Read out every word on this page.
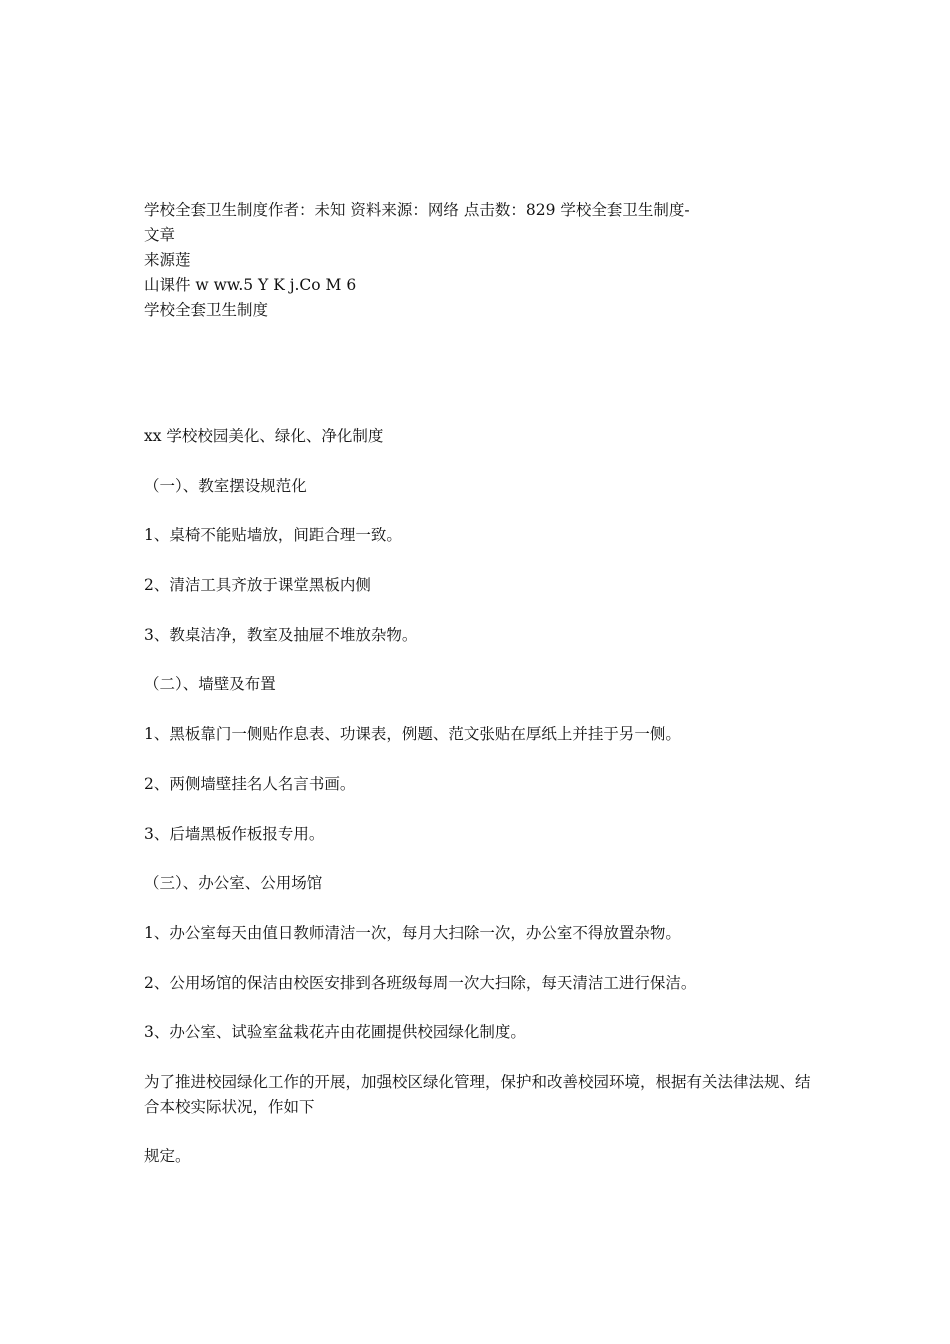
学校全套卫生制度作者：未知 资料来源：网络 点击数：829 学校全套卫生制度-
文章
来源莲
山课件 w ww.5 Y K j.Co M 6
学校全套卫生制度
xx 学校校园美化、绿化、净化制度
（一）、教室摆设规范化
1、桌椅不能贴墙放，间距合理一致。
2、清洁工具齐放于课堂黑板内侧
3、教桌洁净，教室及抽屉不堆放杂物。
（二）、墙壁及布置
1、黑板靠门一侧贴作息表、功课表，例题、范文张贴在厚纸上并挂于另一侧。
2、两侧墙壁挂名人名言书画。
3、后墙黑板作板报专用。
（三）、办公室、公用场馆
1、办公室每天由值日教师清洁一次，每月大扫除一次，办公室不得放置杂物。
2、公用场馆的保洁由校医安排到各班级每周一次大扫除，每天清洁工进行保洁。
3、办公室、试验室盆栽花卉由花圃提供校园绿化制度。
为了推进校园绿化工作的开展，加强校区绿化管理，保护和改善校园环境，根据有关法律法规、结合本校实际状况，作如下
规定。
